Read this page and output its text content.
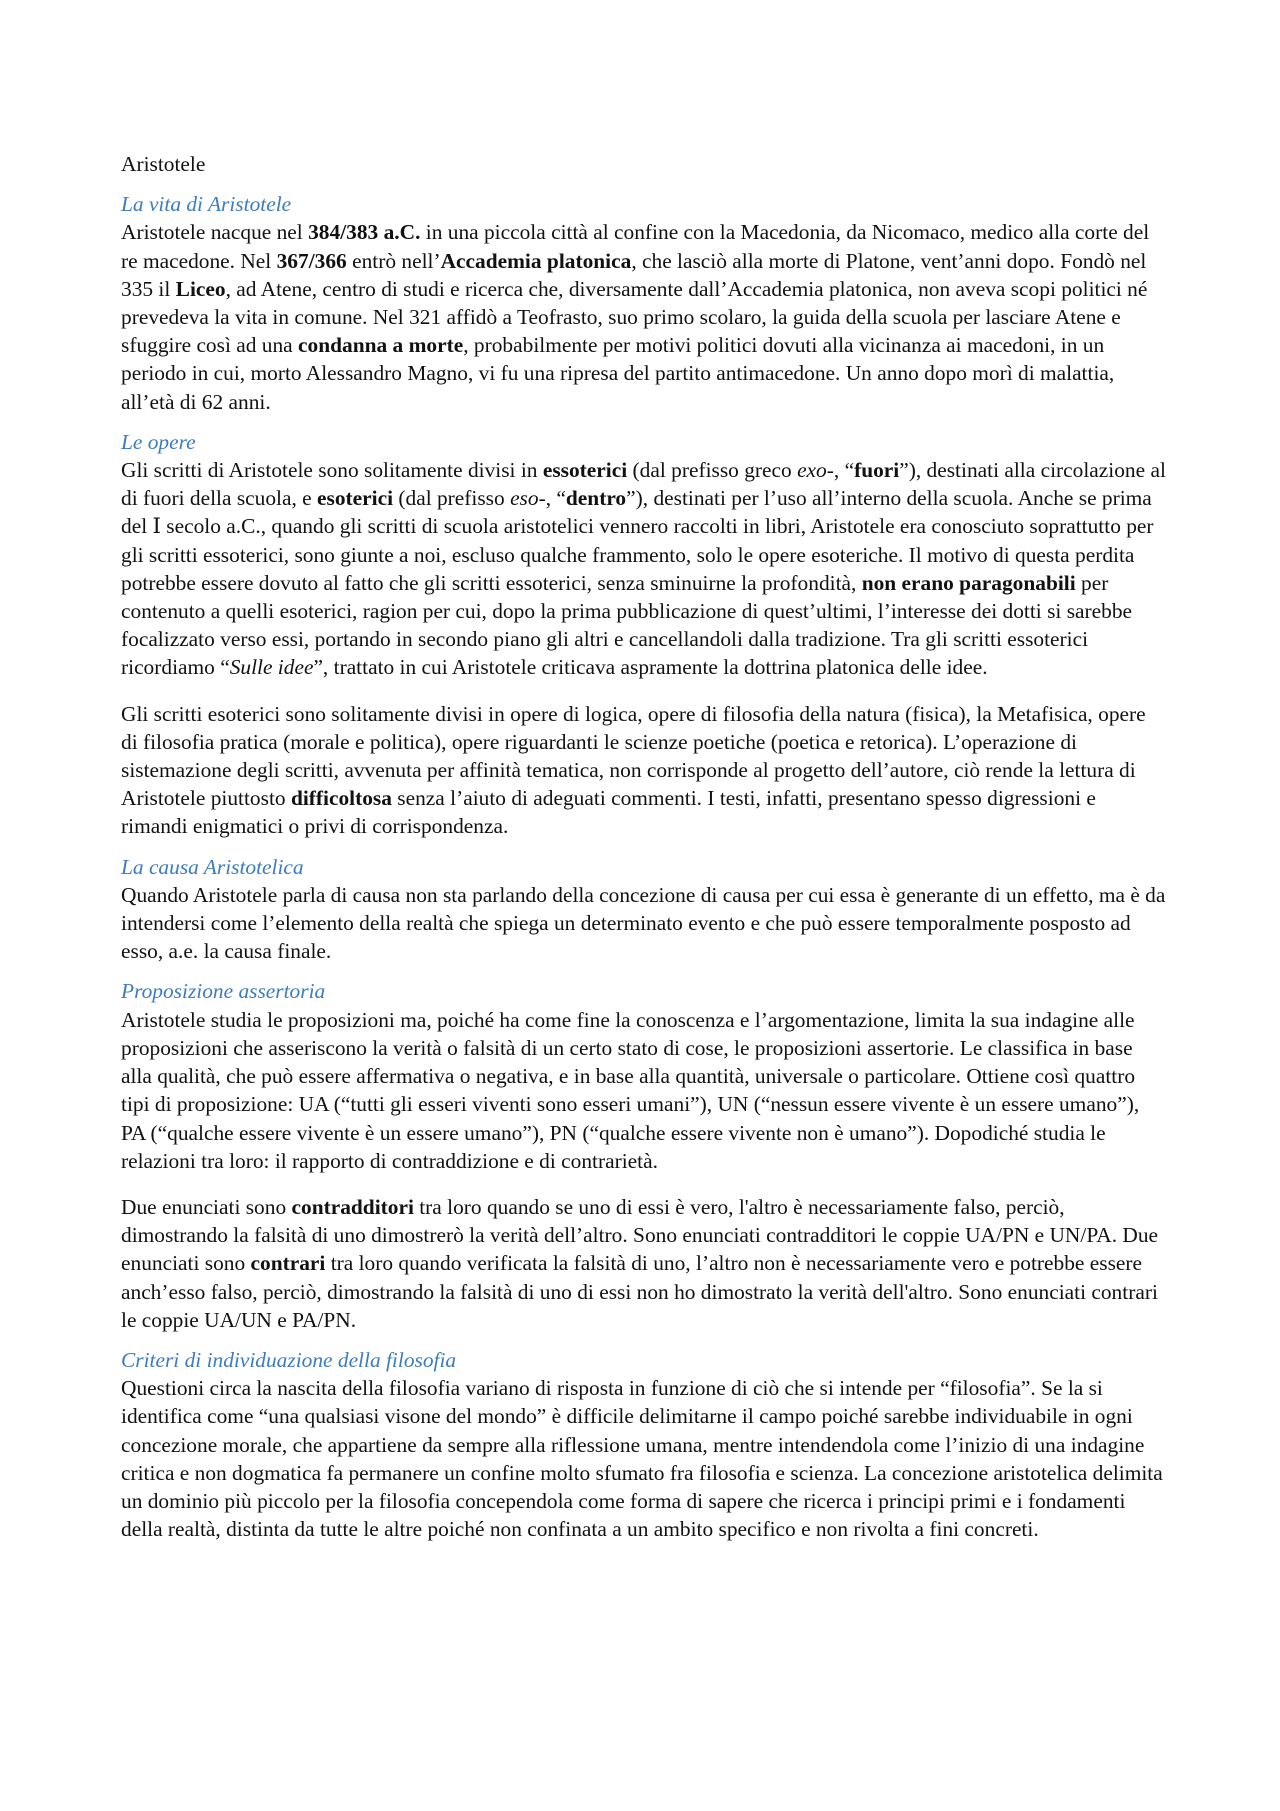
Aristotele
La vita di Aristotele

Aristotele nacque nel 384/383 a.C. in una piccola città al confine con la Macedonia, da Nicomaco, medico alla corte del re macedone. Nel 367/366 entrò nell’Accademia platonica, che lasciò alla morte di Platone, vent’anni dopo. Fondò nel 335 il Liceo, ad Atene, centro di studi e ricerca che, diversamente dall’Accademia platonica, non aveva scopi politici né prevedeva la vita in comune. Nel 321 affidò a Teofrasto, suo primo scolaro, la guida della scuola per lasciare Atene e sfuggire così ad una condanna a morte, probabilmente per motivi politici dovuti alla vicinanza ai macedoni, in un periodo in cui, morto Alessandro Magno, vi fu una ripresa del partito antimacedone. Un anno dopo morì di malattia, all’età di 62 anni.

Le opere

Gli scritti di Aristotele sono solitamente divisi in essoterici (dal prefisso greco exo-, “fuori”), destinati alla circolazione al di fuori della scuola, e esoterici (dal prefisso eso-, “dentro”), destinati per l’uso all’interno della scuola. Anche se prima del Ⅰ secolo a.C., quando gli scritti di scuola aristotelici vennero raccolti in libri, Aristotele era conosciuto soprattutto per gli scritti essoterici, sono giunte a noi, escluso qualche frammento, solo le opere esoteriche. Il motivo di questa perdita potrebbe essere dovuto al fatto che gli scritti essoterici, senza sminuirne la profondità, non erano paragonabili per contenuto a quelli esoterici, ragion per cui, dopo la prima pubblicazione di quest’ultimi, l’interesse dei dotti si sarebbe focalizzato verso essi, portando in secondo piano gli altri e cancellandoli dalla tradizione. Tra gli scritti essoterici ricordiamo “Sulle idee”, trattato in cui Aristotele criticava aspramente la dottrina platonica delle idee.

Gli scritti esoterici sono solitamente divisi in opere di logica, opere di filosofia della natura (fisica), la Metafisica, opere di filosofia pratica (morale e politica), opere riguardanti le scienze poetiche (poetica e retorica). L’operazione di sistemazione degli scritti, avvenuta per affinità tematica, non corrisponde al progetto dell’autore, ciò rende la lettura di Aristotele piuttosto difficoltosa senza l’aiuto di adeguati commenti. I testi, infatti, presentano spesso digressioni e rimandi enigmatici o privi di corrispondenza.

La causa Aristotelica

Quando Aristotele parla di causa non sta parlando della concezione di causa per cui essa è generante di un effetto, ma è da intendersi come l’elemento della realtà che spiega un determinato evento e che può essere temporalmente posposto ad esso, a.e. la causa finale.

Proposizione assertoria

Aristotele studia le proposizioni ma, poiché ha come fine la conoscenza e l’argomentazione, limita la sua indagine alle proposizioni che asseriscono la verità o falsità di un certo stato di cose, le proposizioni assertorie. Le classifica in base alla qualità, che può essere affermativa o negativa, e in base alla quantità, universale o particolare. Ottiene così quattro tipi di proposizione: UA (“tutti gli esseri viventi sono esseri umani”), UN (“nessun essere vivente è un essere umano”), PA (“qualche essere vivente è un essere umano”), PN (“qualche essere vivente non è umano”). Dopodiché studia le relazioni tra loro: il rapporto di contraddizione e di contrarietà.

Due enunciati sono contradditori tra loro quando se uno di essi è vero, l'altro è necessariamente falso, perciò, dimostrando la falsità di uno dimostrerò la verità dell’altro. Sono enunciati contradditori le coppie UA/PN e UN/PA. Due enunciati sono contrari tra loro quando verificata la falsità di uno, l’altro non è necessariamente vero e potrebbe essere anch’esso falso, perciò, dimostrando la falsità di uno di essi non ho dimostrato la verità dell'altro. Sono enunciati contrari le coppie UA/UN e PA/PN.

Criteri di individuazione della filosofia

Questioni circa la nascita della filosofia variano di risposta in funzione di ciò che si intende per “filosofia”. Se la si identifica come “una qualsiasi visone del mondo” è difficile delimitarne il campo poiché sarebbe individuabile in ogni concezione morale, che appartiene da sempre alla riflessione umana, mentre intendendola come l’inizio di una indagine critica e non dogmatica fa permanere un confine molto sfumato fra filosofia e scienza. La concezione aristotelica delimita un dominio più piccolo per la filosofia concependola come forma di sapere che ricerca i principi primi e i fondamenti della realtà, distinta da tutte le altre poiché non confinata a un ambito specifico e non rivolta a fini concreti.
